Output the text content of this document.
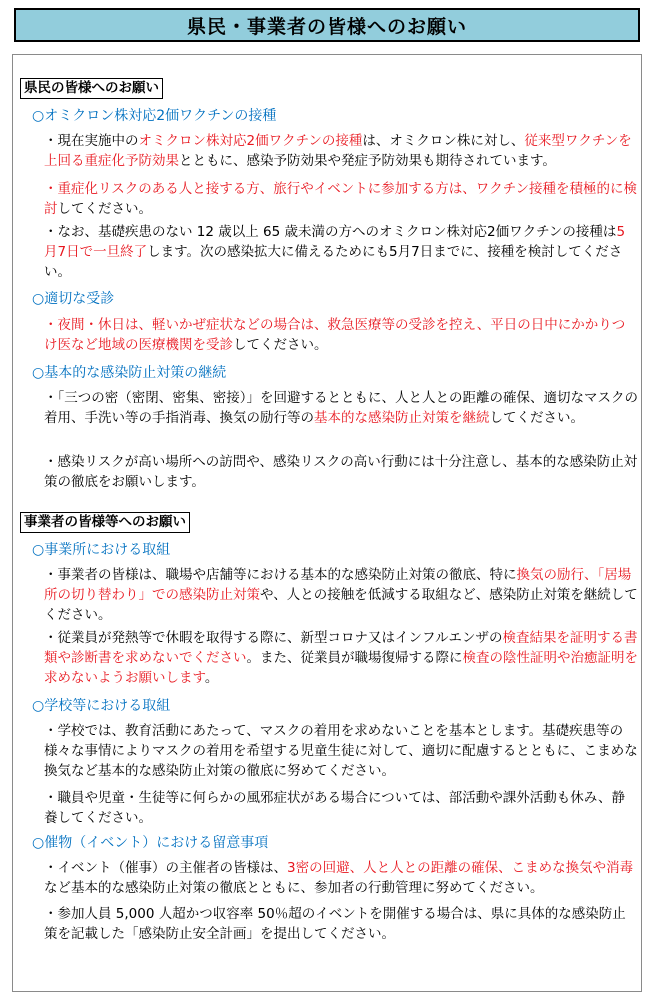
県民・事業者の皆様へのお願い
県民の皆様へのお願い
○オミクロン株対応2価ワクチンの接種
・現在実施中のオミクロン株対応2価ワクチンの接種は、オミクロン株に対し、従来型ワクチンを上回る重症化予防効果とともに、感染予防効果や発症予防効果も期待されています。
・重症化リスクのある人と接する方、旅行やイベントに参加する方は、ワクチン接種を積極的に検討してください。
・なお、基礎疾患のない 12 歳以上 65 歳未満の方へのオミクロン株対応2価ワクチンの接種は5月7日で一旦終了します。次の感染拡大に備えるためにも5月7日までに、接種を検討してください。
○適切な受診
・夜間・休日は、軽いかぜ症状などの場合は、救急医療等の受診を控え、平日の日中にかかりつけ医など地域の医療機関を受診してください。
○基本的な感染防止対策の継続
・「三つの密（密閉、密集、密接）」を回避するとともに、人と人との距離の確保、適切なマスクの着用、手洗い等の手指消毒、換気の励行等の基本的な感染防止対策を継続してください。
・感染リスクが高い場所への訪問や、感染リスクの高い行動には十分注意し、基本的な感染防止対策の徹底をお願いします。
事業者の皆様等へのお願い
○事業所における取組
・事業者の皆様は、職場や店舗等における基本的な感染防止対策の徹底、特に換気の励行、「居場所の切り替わり」での感染防止対策や、人との接触を低減する取組など、感染防止対策を継続してください。
・従業員が発熱等で休暇を取得する際に、新型コロナ又はインフルエンザの検査結果を証明する書類や診断書を求めないでください。また、従業員が職場復帰する際に検査の陰性証明や治癒証明を求めないようお願いします。
○学校等における取組
・学校では、教育活動にあたって、マスクの着用を求めないことを基本とします。基礎疾患等の様々な事情によりマスクの着用を希望する児童生徒に対して、適切に配慮するとともに、こまめな換気など基本的な感染防止対策の徹底に努めてください。
・職員や児童・生徒等に何らかの風邪症状がある場合については、部活動や課外活動も休み、静養してください。
○催物（イベント）における留意事項
・イベント（催事）の主催者の皆様は、3密の回避、人と人との距離の確保、こまめな換気や消毒など基本的な感染防止対策の徹底とともに、参加者の行動管理に努めてください。
・参加人員 5,000 人超かつ収容率 50％超のイベントを開催する場合は、県に具体的な感染防止策を記載した「感染防止安全計画」を提出してください。
